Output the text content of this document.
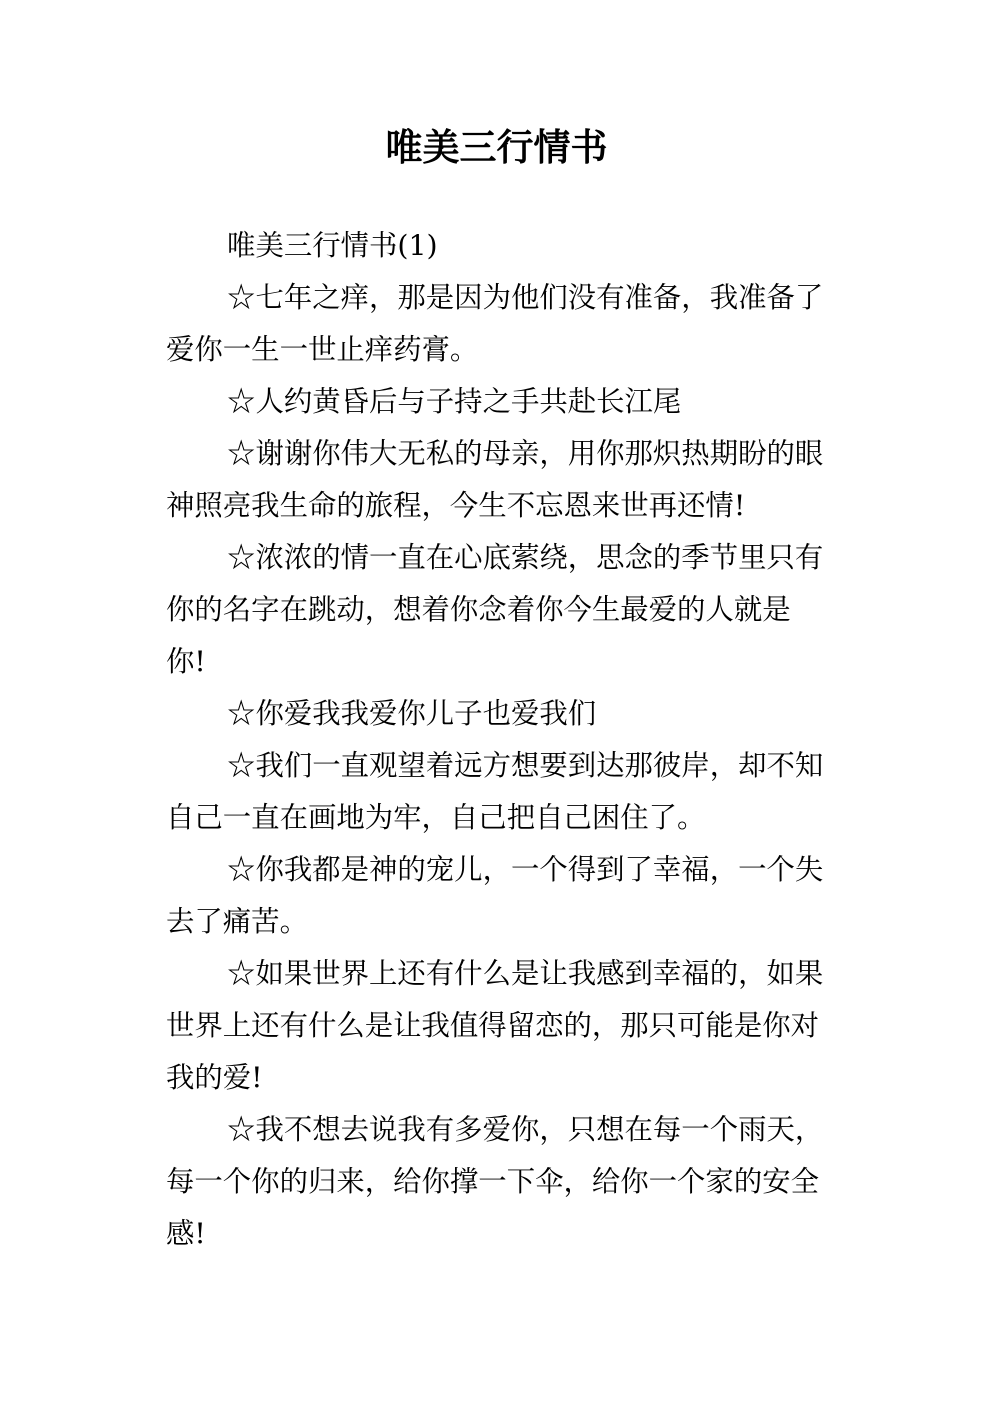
唯美三行情书

唯美三行情书(1)

☆七年之痒，那是因为他们没有准备，我准备了爱你一生一世止痒药膏。

☆人约黄昏后与子持之手共赴长江尾

☆谢谢你伟大无私的母亲，用你那炽热期盼的眼神照亮我生命的旅程，今生不忘恩来世再还情!

☆浓浓的情一直在心底萦绕，思念的季节里只有你的名字在跳动，想着你念着你今生最爱的人就是你!

☆你爱我我爱你儿子也爱我们

☆我们一直观望着远方想要到达那彼岸，却不知自己一直在画地为牢，自己把自己困住了。

☆你我都是神的宠儿，一个得到了幸福，一个失去了痛苦。

☆如果世界上还有什么是让我感到幸福的，如果世界上还有什么是让我值得留恋的，那只可能是你对我的爱!

☆我不想去说我有多爱你，只想在每一个雨天，每一个你的归来，给你撑一下伞，给你一个家的安全感!
